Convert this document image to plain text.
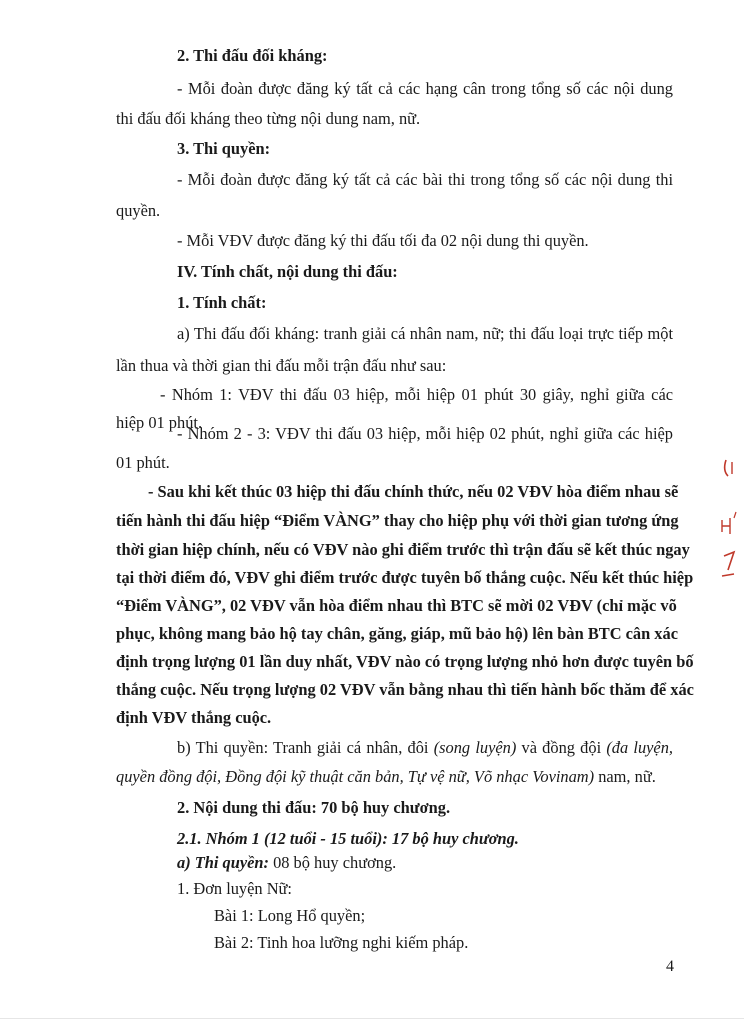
2. Thi đấu đối kháng:

- Mỗi đoàn được đăng ký tất cả các hạng cân trong tổng số các nội dung

thi đấu đối kháng theo từng nội dung nam, nữ.

3. Thi quyền:

- Mỗi đoàn được đăng ký tất cả các bài thi trong tổng số các nội dung thi

quyền.

- Mỗi VĐV được đăng ký thi đấu tối đa 02 nội dung thi quyền.

IV. Tính chất, nội dung thi đấu:

1. Tính chất:

a) Thi đấu đối kháng: tranh giải cá nhân nam, nữ; thi đấu loại trực tiếp một

lần thua và thời gian thi đấu mỗi trận đấu như sau:

- Nhóm 1: VĐV thi đấu 03 hiệp, mỗi hiệp 01 phút 30 giây, nghỉ giữa các

hiệp 01 phút.

- Nhóm 2 - 3: VĐV thi đấu 03 hiệp, mỗi hiệp 02 phút, nghỉ giữa các hiệp

01 phút.

- Sau khi kết thúc 03 hiệp thi đấu chính thức, nếu 02 VĐV hòa điểm nhau sẽ

tiến hành thi đấu hiệp “Điểm VÀNG” thay cho hiệp phụ với thời gian tương ứng

thời gian hiệp chính, nếu có VĐV nào ghi điểm trước thì trận đấu sẽ kết thúc ngay

tại thời điểm đó, VĐV ghi điểm trước được tuyên bố thắng cuộc. Nếu kết thúc hiệp

“Điểm VÀNG”, 02 VĐV vẫn hòa điểm nhau thì BTC sẽ mời 02 VĐV (chỉ mặc võ

phục, không mang bảo hộ tay chân, găng, giáp, mũ bảo hộ) lên bàn BTC cân xác

định trọng lượng 01 lần duy nhất, VĐV nào có trọng lượng nhỏ hơn được tuyên bố

thắng cuộc. Nếu trọng lượng 02 VĐV vẫn bằng nhau thì tiến hành bốc thăm để xác

định VĐV thắng cuộc.

b) Thi quyền: Tranh giải cá nhân, đôi (song luyện) và đồng đội (đa luyện,

quyền đồng đội, Đồng đội kỹ thuật căn bản, Tự vệ nữ, Võ nhạc Vovinam) nam, nữ.

2. Nội dung thi đấu: 70 bộ huy chương.

2.1. Nhóm 1 (12 tuổi - 15 tuổi): 17 bộ huy chương.

a) Thi quyền: 08 bộ huy chương.

1. Đơn luyện Nữ:

Bài 1: Long Hổ quyền;

Bài 2: Tinh hoa lưỡng nghi kiếm pháp.

4
